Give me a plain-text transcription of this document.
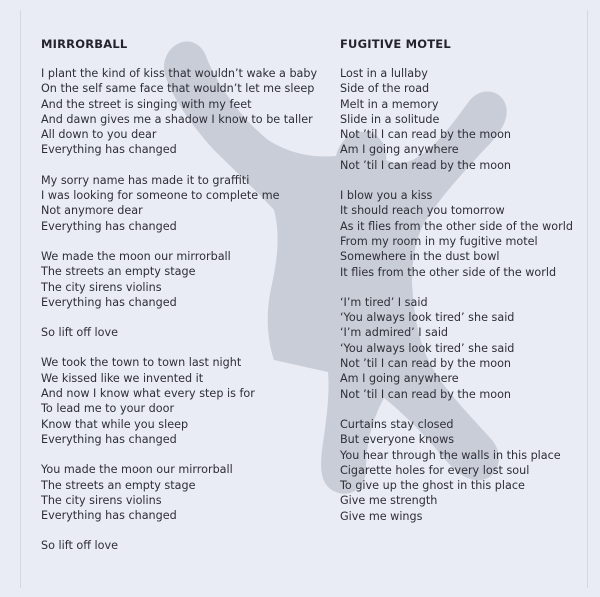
MIRRORBALL
I plant the kind of kiss that wouldn’t wake a baby
On the self same face that wouldn’t let me sleep
And the street is singing with my feet
And dawn gives me a shadow I know to be taller
All down to you dear
Everything has changed
My sorry name has made it to graffiti
I was looking for someone to complete me
Not anymore dear
Everything has changed
We made the moon our mirrorball
The streets an empty stage
The city sirens violins
Everything has changed
So lift off love
We took the town to town last night
We kissed like we invented it
And now I know what every step is for
To lead me to your door
Know that while you sleep
Everything has changed
You made the moon our mirrorball
The streets an empty stage
The city sirens violins
Everything has changed
So lift off love
FUGITIVE MOTEL
Lost in a lullaby
Side of the road
Melt in a memory
Slide in a solitude
Not ’til I can read by the moon
Am I going anywhere
Not ’til I can read by the moon
I blow you a kiss
It should reach you tomorrow
As it flies from the other side of the world
From my room in my fugitive motel
Somewhere in the dust bowl
It flies from the other side of the world
‘I’m tired’ I said
‘You always look tired’ she said
‘I’m admired’ I said
‘You always look tired’ she said
Not ’til I can read by the moon
Am I going anywhere
Not ’til I can read by the moon
Curtains stay closed
But everyone knows
You hear through the walls in this place
Cigarette holes for every lost soul
To give up the ghost in this place
Give me strength
Give me wings
